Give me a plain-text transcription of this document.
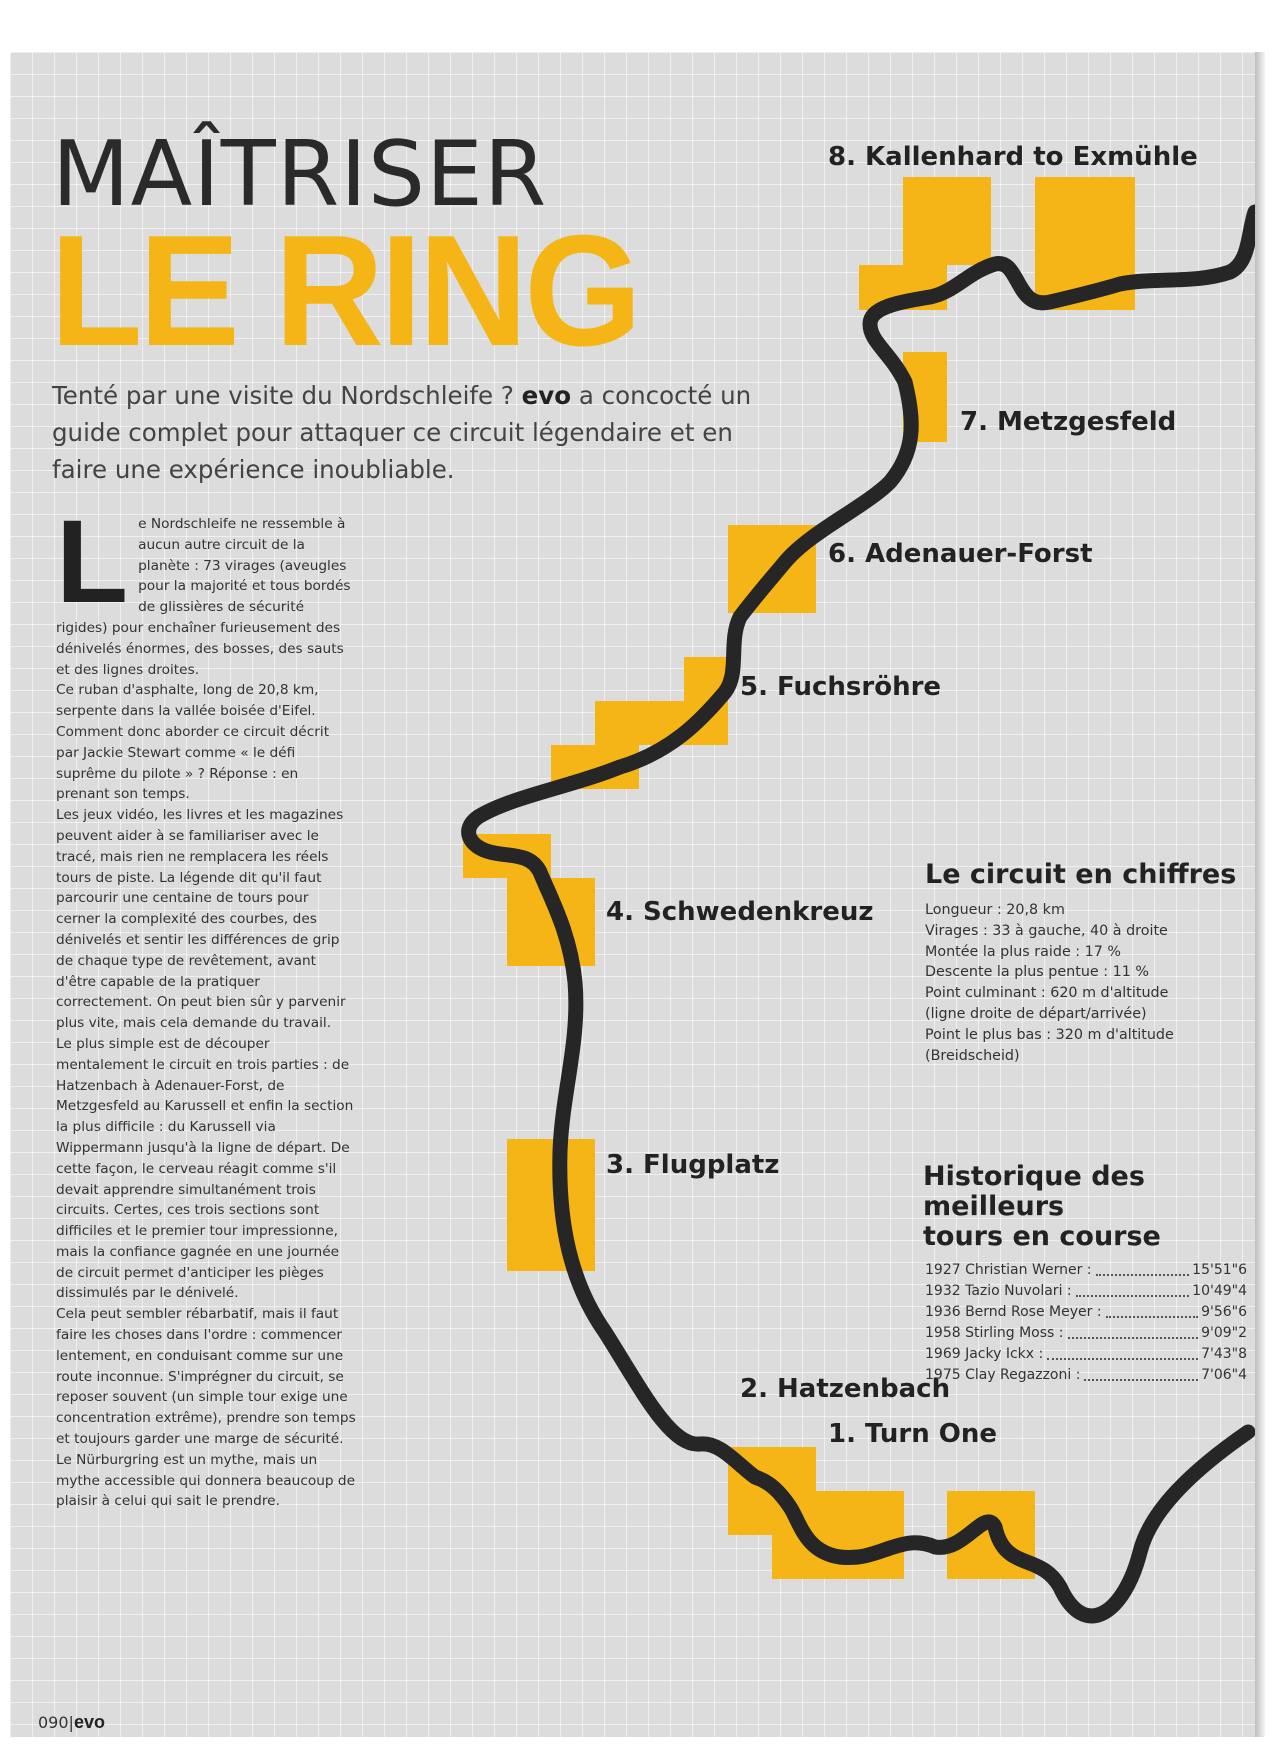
MAÎTRISER
LE RING

Tenté par une visite du Nordschleife ? evo a concocté un guide complet pour attaquer ce circuit légendaire et en faire une expérience inoubliable.

L e Nordschleife ne ressemble à aucun autre circuit de la planète : 73 virages (aveugles pour la majorité et tous bordés de glissières de sécurité rigides) pour enchaîner furieusement des dénivelés énormes, des bosses, des sauts et des lignes droites.

Ce ruban d'asphalte, long de 20,8 km, serpente dans la vallée boisée d'Eifel. Comment donc aborder ce circuit décrit par Jackie Stewart comme « le défi suprême du pilote » ? Réponse : en prenant son temps.

Les jeux vidéo, les livres et les magazines peuvent aider à se familiariser avec le tracé, mais rien ne remplacera les réels tours de piste. La légende dit qu'il faut parcourir une centaine de tours pour cerner la complexité des courbes, des dénivelés et sentir les différences de grip de chaque type de revêtement, avant d'être capable de la pratiquer correctement. On peut bien sûr y parvenir plus vite, mais cela demande du travail.

Le plus simple est de découper mentalement le circuit en trois parties : de Hatzenbach à Adenauer-Forst, de Metzgesfeld au Karussell et enfin la section la plus difficile : du Karussell via Wippermann jusqu'à la ligne de départ. De cette façon, le cerveau réagit comme s'il devait apprendre simultanément trois circuits. Certes, ces trois sections sont difficiles et le premier tour impressionne, mais la confiance gagnée en une journée de circuit permet d'anticiper les pièges dissimulés par le dénivelé.

Cela peut sembler rébarbatif, mais il faut faire les choses dans l'ordre : commencer lentement, en conduisant comme sur une route inconnue. S'imprégner du circuit, se reposer souvent (un simple tour exige une concentration extrême), prendre son temps et toujours garder une marge de sécurité.

Le Nürburgring est un mythe, mais un mythe accessible qui donnera beaucoup de plaisir à celui qui sait le prendre.

1. Turn One
2. Hatzenbach
3. Flugplatz
4. Schwedenkreuz
5. Fuchsröhre
6. Adenauer-Forst
7. Metzgesfeld
8. Kallenhard to Exmühle
Le circuit en chiffres
Longueur : 20,8 km
Virages : 33 à gauche, 40 à droite
Montée la plus raide : 17 %
Descente la plus pentue : 11 %
Point culminant : 620 m d'altitude
(ligne droite de départ/arrivée)
Point le plus bas : 320 m d'altitude
(Breidscheid)
Historique des meilleurs
tours en course
1927 Christian Werner :	15'51"6
1932 Tazio Nuvolari :	10'49"4
1936 Bernd Rose Meyer :	9'56"6
1958 Stirling Moss :	9'09"2
1969 Jacky Ickx :	7'43"8
1975 Clay Regazzoni :	7'06"4

090|evo
